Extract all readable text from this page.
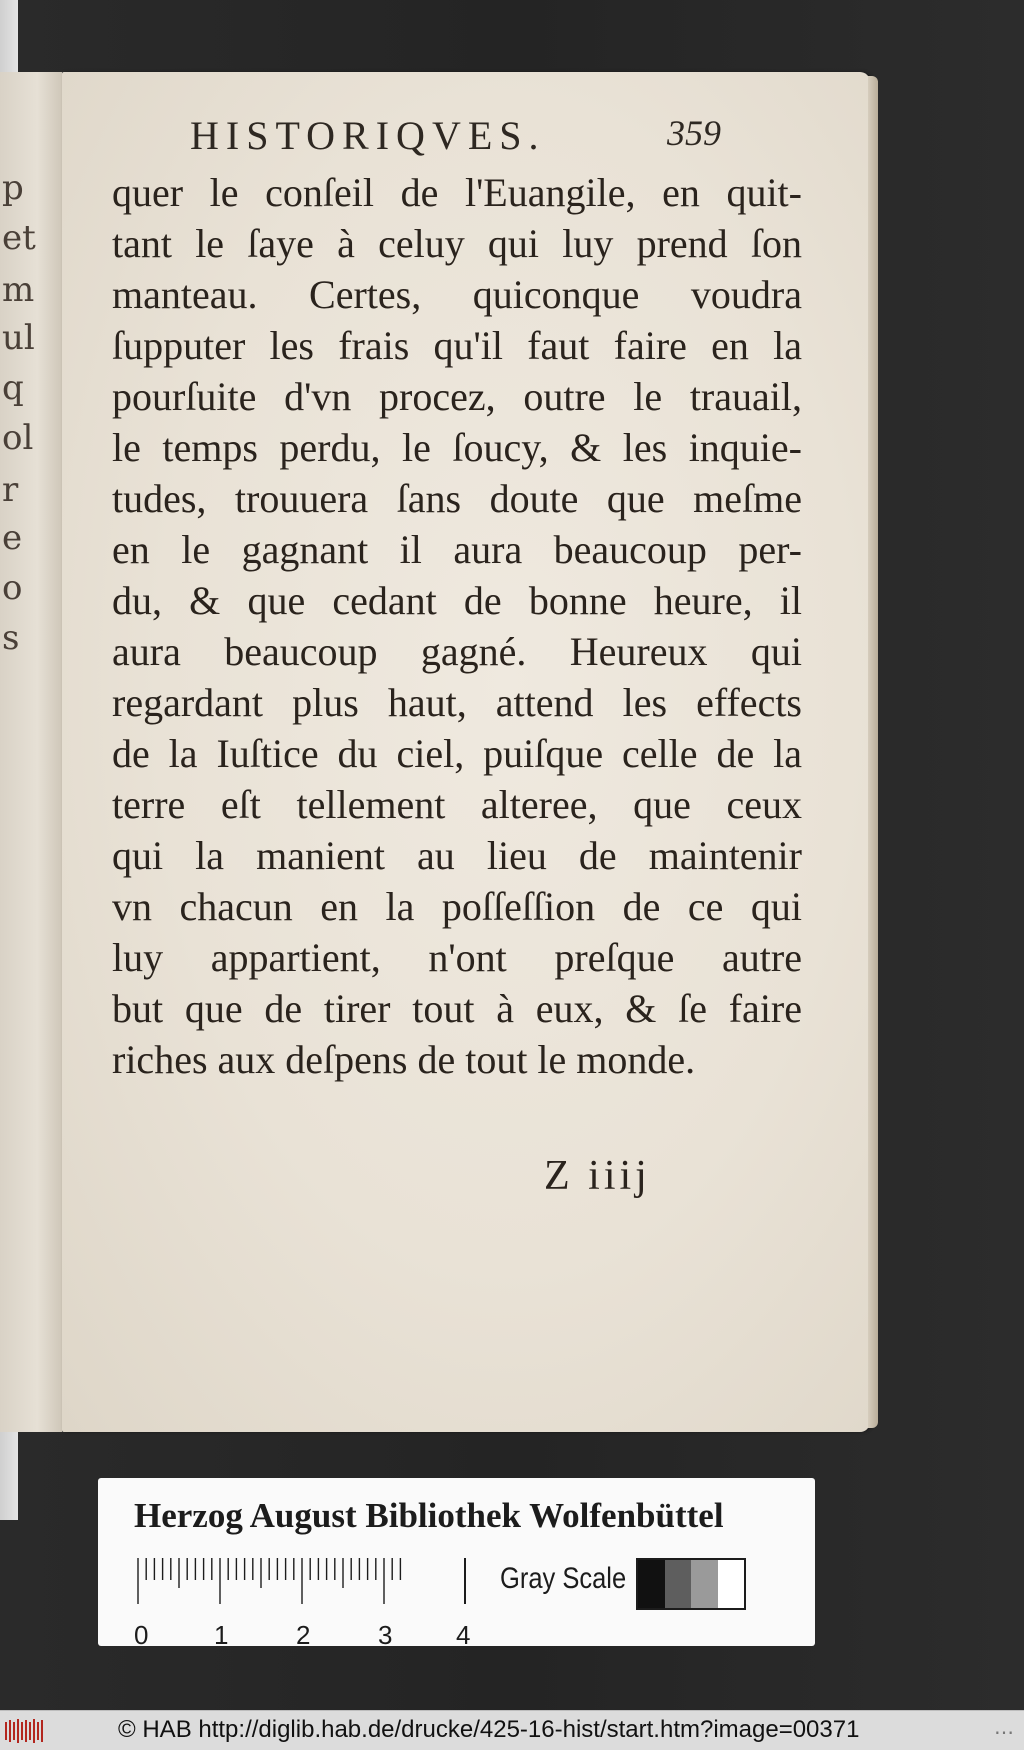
p
et
m
ul
q
ol
r
e
o
s
HISTORIQVES.	359
quer le conſeil de l'Euangile, en quit-
tant le ſaye à celuy qui luy prend ſon
manteau. Certes, quiconque voudra
ſupputer les frais qu'il faut faire en la
pourſuite d'vn procez, outre le trauail,
le temps perdu, le ſoucy, & les inquie-
tudes, trouuera ſans doute que meſme
en le gagnant il aura beaucoup per-
du, & que cedant de bonne heure, il
aura beaucoup gagné. Heureux qui
regardant plus haut, attend les effects
de la Iuſtice du ciel, puiſque celle de la
terre eſt tellement alteree, que ceux
qui la manient au lieu de maintenir
vn chacun en la poſſeſſion de ce qui
luy appartient, n'ont preſque autre
but que de tirer tout à eux, & ſe faire
riches aux deſpens de tout le monde.
Z iiij
Herzog August Bibliothek Wolfenbüttel
0	1	2	3 4
Gray Scale
© HAB http://diglib.hab.de/drucke/425-16-hist/start.htm?image=00371	…
